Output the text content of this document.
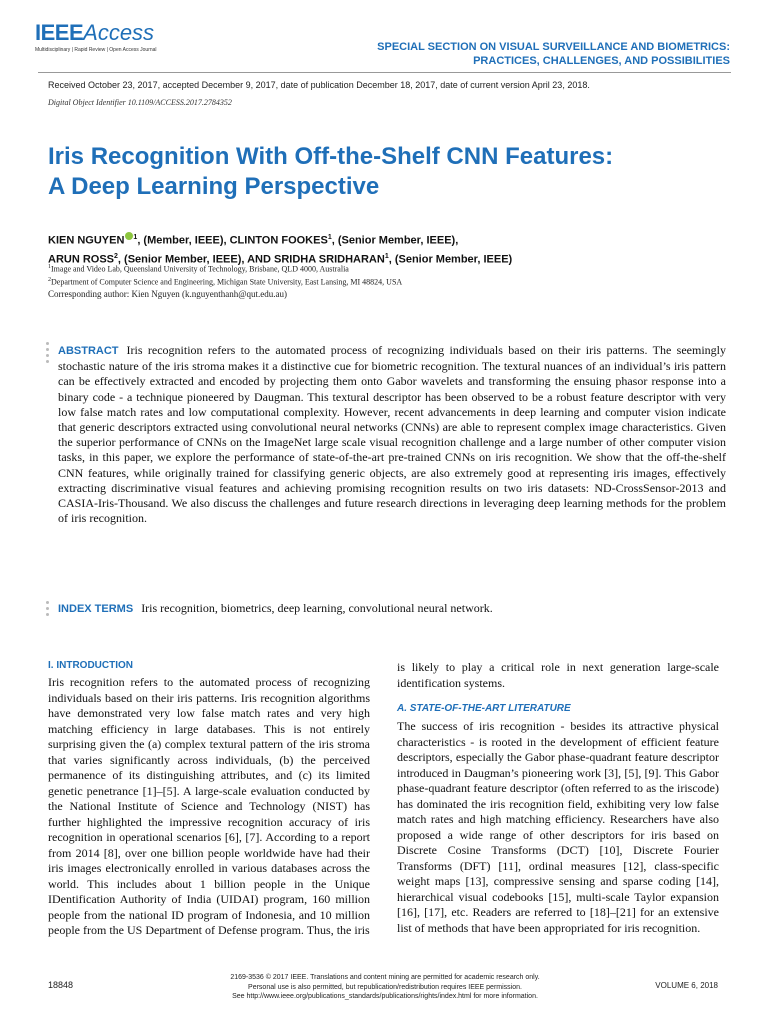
IEEEAccess
Multidisciplinary | Rapid Review | Open Access Journal	SPECIAL SECTION ON VISUAL SURVEILLANCE AND BIOMETRICS:
PRACTICES, CHALLENGES, AND POSSIBILITIES
Received October 23, 2017, accepted December 9, 2017, date of publication December 18, 2017, date of current version April 23, 2018.
Digital Object Identifier 10.1109/ACCESS.2017.2784352
Iris Recognition With Off-the-Shelf CNN Features:
A Deep Learning Perspective
KIEN NGUYEN $^1$, (Member, IEEE), CLINTON FOOKES$^1$, (Senior Member, IEEE),
ARUN ROSS$^2$, (Senior Member, IEEE), AND SRIDHA SRIDHARAN$^1$, (Senior Member, IEEE)
$^1$Image and Video Lab, Queensland University of Technology, Brisbane, QLD 4000, Australia
$^2$Department of Computer Science and Engineering, Michigan State University, East Lansing, MI 48824, USA
Corresponding author: Kien Nguyen (k.nguyenthanh@qut.edu.au)
ABSTRACT Iris recognition refers to the automated process of recognizing individuals based on their iris patterns. The seemingly stochastic nature of the iris stroma makes it a distinctive cue for biometric recognition. The textural nuances of an individual’s iris pattern can be effectively extracted and encoded by projecting them onto Gabor wavelets and transforming the ensuing phasor response into a binary code - a technique pioneered by Daugman. This textural descriptor has been observed to be a robust feature descriptor with very low false match rates and low computational complexity. However, recent advancements in deep learning and computer vision indicate that generic descriptors extracted using convolutional neural networks (CNNs) are able to represent complex image characteristics. Given the superior performance of CNNs on the ImageNet large scale visual recognition challenge and a large number of other computer vision tasks, in this paper, we explore the performance of state-of-the-art pre-trained CNNs on iris recognition. We show that the off-the-shelf CNN features, while originally trained for classifying generic objects, are also extremely good at representing iris images, effectively extracting discriminative visual features and achieving promising recognition results on two iris datasets: ND-CrossSensor-2013 and CASIA-Iris-Thousand. We also discuss the challenges and future research directions in leveraging deep learning methods for the problem of iris recognition.
INDEX TERMS Iris recognition, biometrics, deep learning, convolutional neural network.
I. INTRODUCTION
Iris recognition refers to the automated process of recognizing individuals based on their iris patterns. Iris recognition algorithms have demonstrated very low false match rates and very high matching efficiency in large databases. This is not entirely surprising given the (a) complex textural pattern of the iris stroma that varies significantly across individuals, (b) the perceived permanence of its distinguishing attributes, and (c) its limited genetic penetrance [1]–[5]. A large-scale evaluation conducted by the National Institute of Science and Technology (NIST) has further highlighted the impressive recognition accuracy of iris recognition in operational scenarios [6], [7]. According to a report from 2014 [8], over one billion people worldwide have had their iris images electronically enrolled in various databases across the world. This includes about 1 billion people in the Unique IDentification Authority of India (UIDAI) program, 160 million people from the national ID program of Indonesia, and 10 million people from the US Department of Defense program. Thus, the iris
is likely to play a critical role in next generation large-scale identification systems.
A. STATE-OF-THE-ART LITERATURE
The success of iris recognition - besides its attractive physical characteristics - is rooted in the development of efficient feature descriptors, especially the Gabor phase-quadrant feature descriptor introduced in Daugman’s pioneering work [3], [5], [9]. This Gabor phase-quadrant feature descriptor (often referred to as the iriscode) has dominated the iris recognition field, exhibiting very low false match rates and high matching efficiency. Researchers have also proposed a wide range of other descriptors for iris based on Discrete Cosine Transforms (DCT) [10], Discrete Fourier Transforms (DFT) [11], ordinal measures [12], class-specific weight maps [13], compressive sensing and sparse coding [14], hierarchical visual codebooks [15], multi-scale Taylor expansion [16], [17], etc. Readers are referred to [18]–[21] for an extensive list of methods that have been appropriated for iris recognition.
18848
2169-3536 © 2017 IEEE. Translations and content mining are permitted for academic research only.
Personal use is also permitted, but republication/redistribution requires IEEE permission.
See http://www.ieee.org/publications_standards/publications/rights/index.html for more information.
VOLUME 6, 2018
